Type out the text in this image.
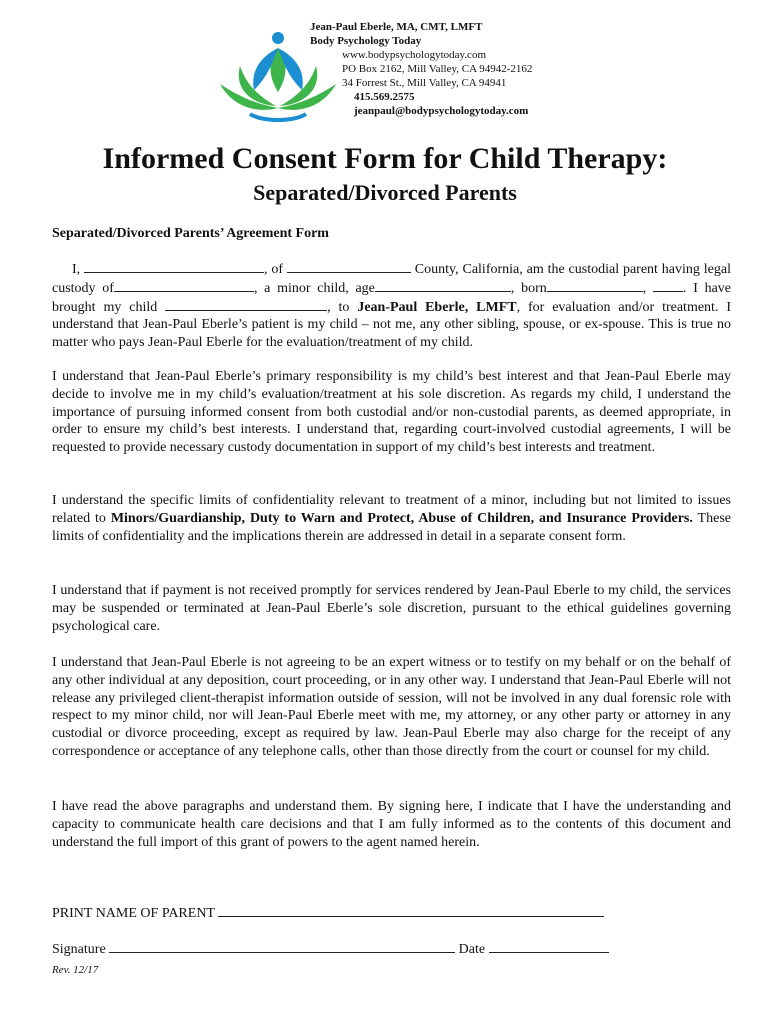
Jean-Paul Eberle, MA, CMT, LMFT
Body Psychology Today
www.bodypsychologytoday.com
PO Box 2162, Mill Valley, CA 94942-2162
34 Forrest St., Mill Valley, CA 94941
415.569.2575
jeanpaul@bodypsychologytoday.com
Informed Consent Form for Child Therapy:
Separated/Divorced Parents
Separated/Divorced Parents’ Agreement Form
I,	, of	County, California, am the custodial parent having legal custody of	, a minor child, age	, born	, . I have brought my child	, to Jean-Paul Eberle, LMFT, for evaluation and/or treatment. I understand that Jean-Paul Eberle’s patient is my child – not me, any other sibling, spouse, or ex-spouse. This is true no matter who pays Jean-Paul Eberle for the evaluation/treatment of my child.
I understand that Jean-Paul Eberle’s primary responsibility is my child’s best interest and that Jean-Paul Eberle may decide to involve me in my child’s evaluation/treatment at his sole discretion. As regards my child, I understand the importance of pursuing informed consent from both custodial and/or non-custodial parents, as deemed appropriate, in order to ensure my child’s best interests. I understand that, regarding court-involved custodial agreements, I will be requested to provide necessary custody documentation in support of my child’s best interests and treatment.
I understand the specific limits of confidentiality relevant to treatment of a minor, including but not limited to issues related to Minors/Guardianship, Duty to Warn and Protect, Abuse of Children, and Insurance Providers. These limits of confidentiality and the implications therein are addressed in detail in a separate consent form.
I understand that if payment is not received promptly for services rendered by Jean-Paul Eberle to my child, the services may be suspended or terminated at Jean-Paul Eberle’s sole discretion, pursuant to the ethical guidelines governing psychological care.
I understand that Jean-Paul Eberle is not agreeing to be an expert witness or to testify on my behalf or on the behalf of any other individual at any deposition, court proceeding, or in any other way. I understand that Jean-Paul Eberle will not release any privileged client-therapist information outside of session, will not be involved in any dual forensic role with respect to my minor child, nor will Jean-Paul Eberle meet with me, my attorney, or any other party or attorney in any custodial or divorce proceeding, except as required by law. Jean-Paul Eberle may also charge for the receipt of any correspondence or acceptance of any telephone calls, other than those directly from the court or counsel for my child.
I have read the above paragraphs and understand them. By signing here, I indicate that I have the understanding and capacity to communicate health care decisions and that I am fully informed as to the contents of this document and understand the full import of this grant of powers to the agent named herein.
PRINT NAME OF PARENT
Signature	Date
Rev. 12/17
